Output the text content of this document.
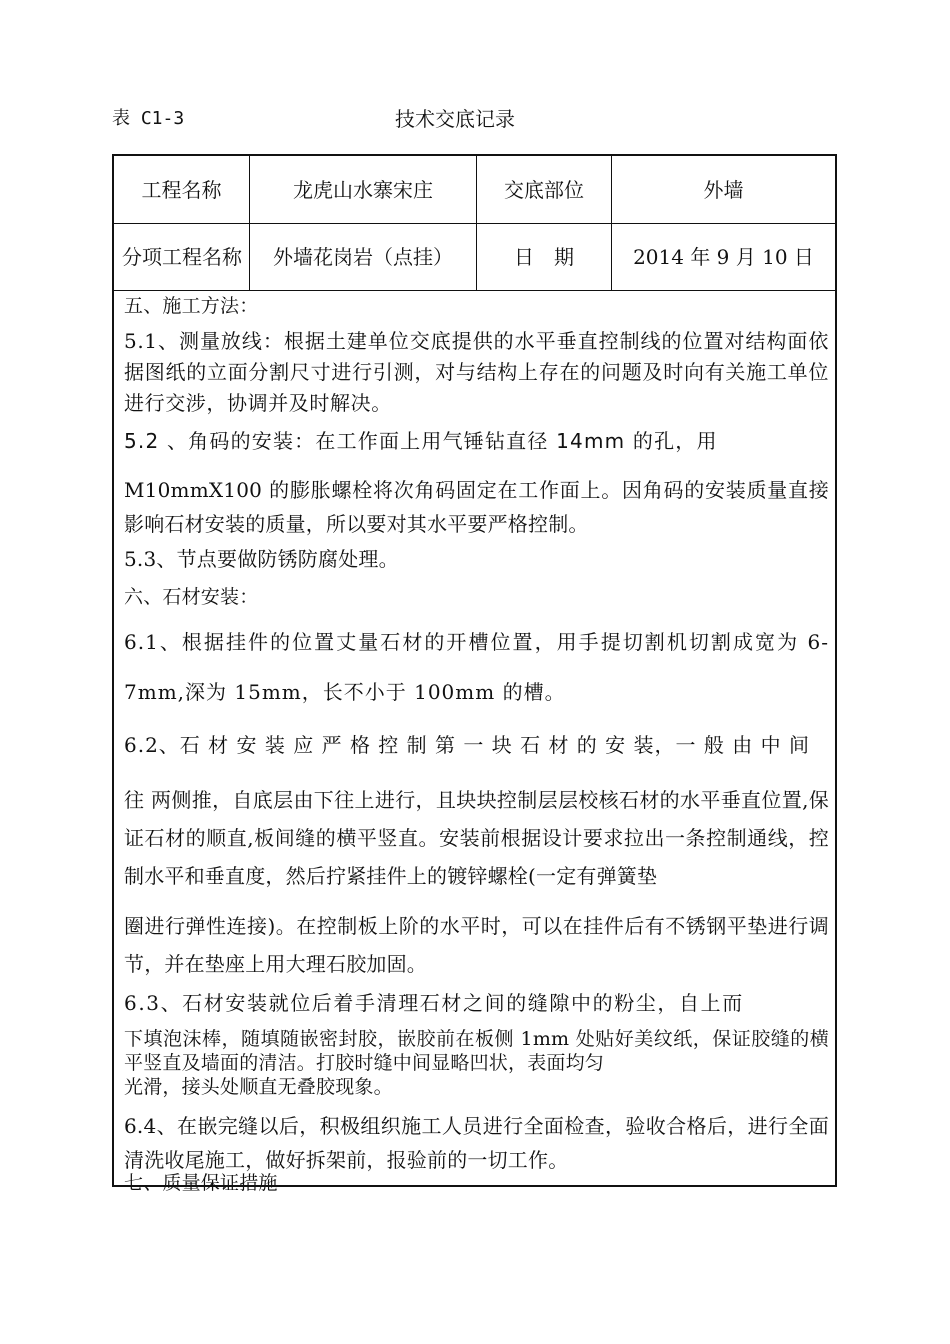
表 C1-3	技术交底记录
工程名称	龙虎山水寨宋庄	交底部位	外墙
分项工程名称	外墙花岗岩（点挂）	日　期	2014 年 9 月 10 日
五、施工方法：
5.1、测量放线：根据土建单位交底提供的水平垂直控制线的位置对结构面依据图纸的立面分割尺寸进行引测，对与结构上存在的问题及时向有关施工单位进行交涉，协调并及时解决。
5.2 、角码的安装：在工作面上用气锤钻直径 14mm 的孔，用
M10mmX100 的膨胀螺栓将次角码固定在工作面上。因角码的安装质量直接影响石材安装的质量，所以要对其水平要严格控制。
5.3、节点要做防锈防腐处理。
六、石材安装：
6.1、根据挂件的位置丈量石材的开槽位置，用手提切割机切割成宽为 6-7mm,深为 15mm，长不小于 100mm 的槽。
6.2、石 材 安 装 应 严 格 控 制 第 一 块 石 材 的 安 装，一 般 由 中 间
往 两侧推，自底层由下往上进行，且块块控制层层校核石材的水平垂直位置,保证石材的顺直,板间缝的横平竖直。安装前根据设计要求拉出一条控制通线，控制水平和垂直度，然后拧紧挂件上的镀锌螺栓(一定有弹簧垫
圈进行弹性连接)。在控制板上阶的水平时，可以在挂件后有不锈钢平垫进行调节，并在垫座上用大理石胶加固。
6.3、石材安装就位后着手清理石材之间的缝隙中的粉尘，自上而
下填泡沫棒，随填随嵌密封胶，嵌胶前在板侧 1mm 处贴好美纹纸，保证胶缝的横平竖直及墙面的清洁。打胶时缝中间显略凹状，表面均匀
光滑，接头处顺直无叠胶现象。
6.4、在嵌完缝以后，积极组织施工人员进行全面检查，验收合格后，进行全面清洗收尾施工，做好拆架前，报验前的一切工作。
七、质量保证措施
